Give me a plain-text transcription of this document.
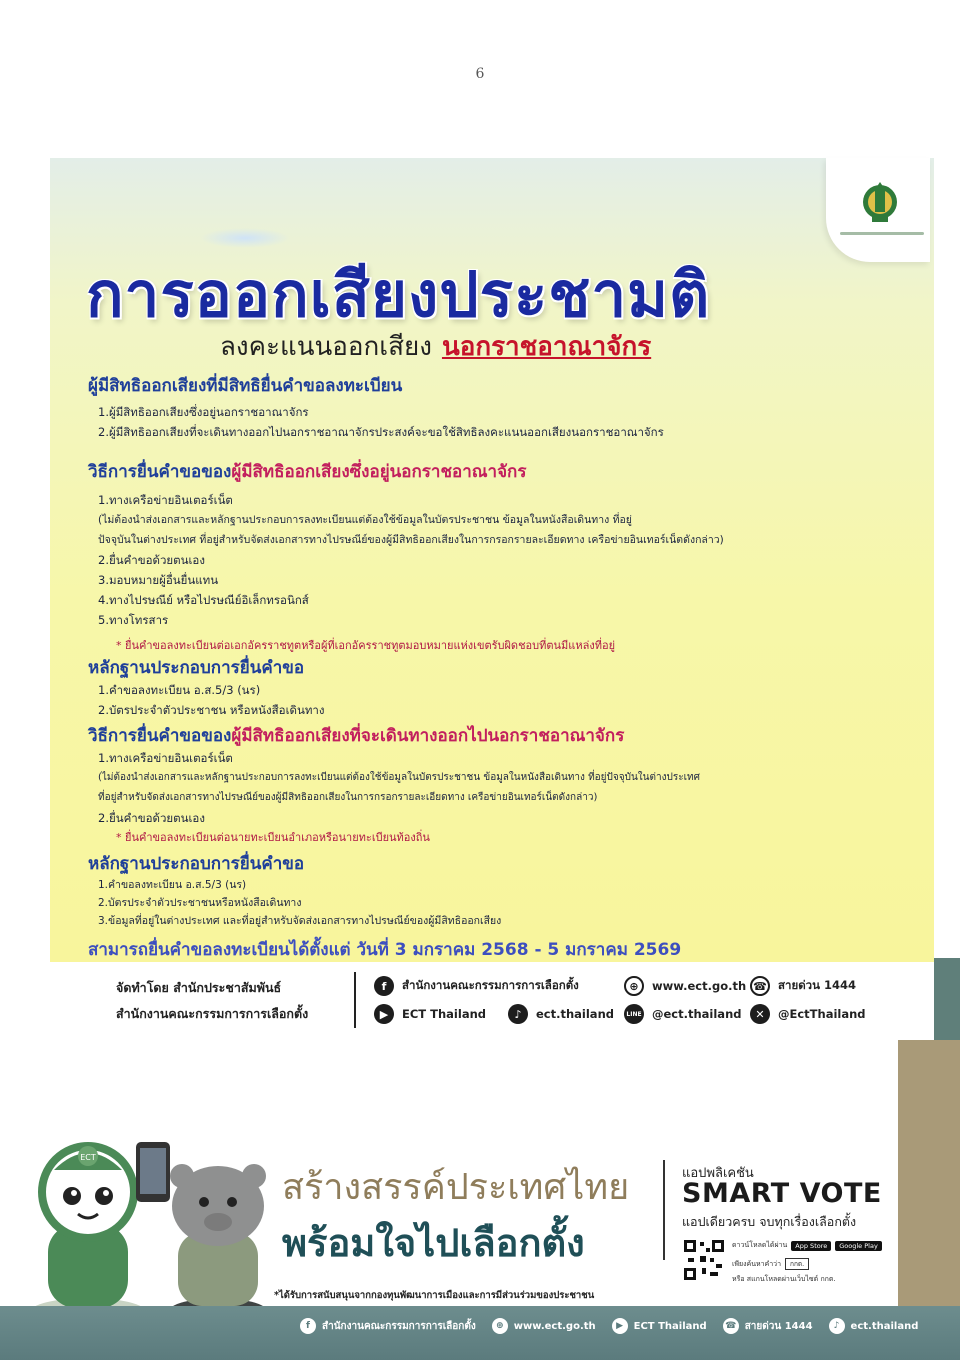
6
การออกเสียงประชามติ
ลงคะแนนออกเสียง นอกราชอาณาจักร
ผู้มีสิทธิออกเสียงที่มีสิทธิยื่นคำขอลงทะเบียน
1.ผู้มีสิทธิออกเสียงซึ่งอยู่นอกราชอาณาจักร
2.ผู้มีสิทธิออกเสียงที่จะเดินทางออกไปนอกราชอาณาจักรประสงค์จะขอใช้สิทธิลงคะแนนออกเสียงนอกราชอาณาจักร
วิธีการยื่นคำขอของผู้มีสิทธิออกเสียงซึ่งอยู่นอกราชอาณาจักร
1.ทางเครือข่ายอินเตอร์เน็ต
(ไม่ต้องนำส่งเอกสารและหลักฐานประกอบการลงทะเบียนแต่ต้องใช้ข้อมูลในบัตรประชาชน ข้อมูลในหนังสือเดินทาง ที่อยู่
ปัจจุบันในต่างประเทศ ที่อยู่สำหรับจัดส่งเอกสารทางไปรษณีย์ของผู้มีสิทธิออกเสียงในการกรอกรายละเอียดทาง เครือข่ายอินเทอร์เน็ตดังกล่าว)
2.ยื่นคำขอด้วยตนเอง
3.มอบหมายผู้อื่นยื่นแทน
4.ทางไปรษณีย์ หรือไปรษณีย์อิเล็กทรอนิกส์
5.ทางโทรสาร
* ยื่นคำขอลงทะเบียนต่อเอกอัครราชทูตหรือผู้ที่เอกอัครราชทูตมอบหมายแห่งเขตรับผิดชอบที่ตนมีแหล่งที่อยู่
หลักฐานประกอบการยื่นคำขอ
1.คำขอลงทะเบียน อ.ส.5/3 (นร)
2.บัตรประจำตัวประชาชน หรือหนังสือเดินทาง
วิธีการยื่นคำขอของผู้มีสิทธิออกเสียงที่จะเดินทางออกไปนอกราชอาณาจักร
1.ทางเครือข่ายอินเตอร์เน็ต
(ไม่ต้องนำส่งเอกสารและหลักฐานประกอบการลงทะเบียนแต่ต้องใช้ข้อมูลในบัตรประชาชน ข้อมูลในหนังสือเดินทาง ที่อยู่ปัจจุบันในต่างประเทศ
ที่อยู่สำหรับจัดส่งเอกสารทางไปรษณีย์ของผู้มีสิทธิออกเสียงในการกรอกรายละเอียดทาง เครือข่ายอินเทอร์เน็ตดังกล่าว)
2.ยื่นคำขอด้วยตนเอง
* ยื่นคำขอลงทะเบียนต่อนายทะเบียนอำเภอหรือนายทะเบียนท้องถิ่น
หลักฐานประกอบการยื่นคำขอ
1.คำขอลงทะเบียน อ.ส.5/3 (นร)
2.บัตรประจำตัวประชาชนหรือหนังสือเดินทาง
3.ข้อมูลที่อยู่ในต่างประเทศ และที่อยู่สำหรับจัดส่งเอกสารทางไปรษณีย์ของผู้มีสิทธิออกเสียง
สามารถยื่นคำขอลงทะเบียนได้ตั้งแต่ วันที่ 3 มกราคม 2568 - 5 มกราคม 2569
จัดทำโดย สำนักประชาสัมพันธ์
สำนักงานคณะกรรมการการเลือกตั้ง
f	สำนักงานคณะกรรมการการเลือกตั้ง	⊕	www.ect.go.th ☎ สายด่วน 1444
▶	ECT Thailand	♪	ect.thailand	LINE @ect.thailand	✕	@EctThailand
ECT
สร้างสรรค์ประเทศไทย
พร้อมใจไปเลือกตั้ง
แอปพลิเคชัน
SMART VOTE
แอปเดียวครบ จบทุกเรื่องเลือกตั้ง
ดาวน์โหลดได้ผ่าน	App Store	Google Play
เพียงค้นหาคำว่า	กกต.
หรือ สแกนโหลดผ่านเว็บไซต์ กกต.
*ได้รับการสนับสนุนจากกองทุนพัฒนาการเมืองและการมีส่วนร่วมของประชาชน
f	สำนักงานคณะกรรมการการเลือกตั้ง	⊕	www.ect.go.th	▶	ECT Thailand ☎ สายด่วน 1444	♪	ect.thailand
